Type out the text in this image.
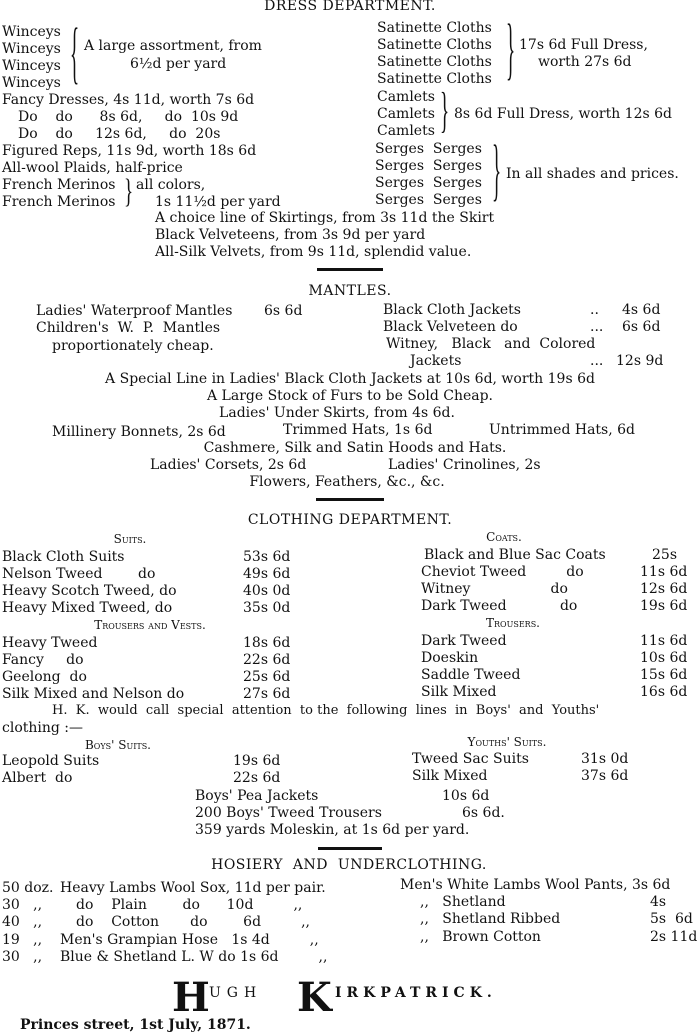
DRESS DEPARTMENT.
Winceys
Winceys
Winceys
Winceys { A large assortment, from
6½d per yard
Satinette Cloths
Satinette Cloths
Satinette Cloths
Satinette Cloths } 17s 6d Full Dress,
worth 27s 6d
Fancy Dresses, 4s 11d, worth 7s 6d
Do    do      8s 6d,     do  10s 9d
Do    do     12s 6d,     do  20s
Camlets
Camlets
Camlets } 8s 6d Full Dress, worth 12s 6d
Figured Reps, 11s 9d, worth 18s 6d
All-wool Plaids, half-price
French Merinos
French Merinos } all colors,
1s 11½d per yard
Serges  Serges
Serges  Serges
Serges  Serges
Serges  Serges } In all shades and prices.
A choice line of Skirtings, from 3s 11d the Skirt
Black Velveteens, from 3s 9d per yard
All-Silk Velvets, from 9s 11d, splendid value.
MANTLES.
Ladies' Waterproof Mantles 6s 6d
Children's  W.  P.  Mantles
proportionately cheap.
Black Cloth Jackets	.. 4s 6d
Black Velveteen do	... 6s 6d
Witney,   Black   and  Colored
Jackets	... 12s 9d
A Special Line in Ladies' Black Cloth Jackets at 10s 6d, worth 19s 6d
A Large Stock of Furs to be Sold Cheap.
Ladies' Under Skirts, from 4s 6d.
Millinery Bonnets, 2s 6d	Trimmed Hats, 1s 6d	Untrimmed Hats, 6d
Cashmere, Silk and Satin Hoods and Hats.
Ladies' Corsets, 2s 6d	Ladies' Crinolines, 2s
Flowers, Feathers, &c., &c.
CLOTHING DEPARTMENT.
Suits.	Coats.
Black Cloth Suits	53s 6d
Nelson Tweed        do	49s 6d
Heavy Scotch Tweed, do	40s 0d
Heavy Mixed Tweed, do	35s 0d
Black and Blue Sac Coats	25s
Cheviot Tweed         do	11s 6d
Witney                  do	12s 6d
Dark Tweed            do	19s 6d
Trousers and Vests.	Trousers.
Heavy Tweed	18s 6d
Fancy     do	22s 6d
Geelong  do	25s 6d
Silk Mixed and Nelson do	27s 6d
Dark Tweed	11s 6d
Doeskin	10s 6d
Saddle Tweed	15s 6d
Silk Mixed	16s 6d
H.  K.  would  call  special  attention  to the  following  lines  in  Boys'  and  Youths'
clothing :—
Boys' Suits.	Youths' Suits.
Leopold Suits	19s 6d
Albert  do	22s 6d
Tweed Sac Suits	31s 0d
Silk Mixed	37s 6d
Boys' Pea Jackets	10s 6d
200 Boys' Tweed Trousers	6s 6d.
359 yards Moleskin, at 1s 6d per yard.
HOSIERY  AND  UNDERCLOTHING.
50 doz. Heavy Lambs Wool Sox, 11d per pair.
30   ,, do    Plain        do      10d         ,,
40   ,, do    Cotton       do        6d         ,,
19   ,, Men's Grampian Hose   1s 4d         ,,
30   ,, Blue & Shetland L. W do 1s 6d         ,,
Men's White Lambs Wool Pants, 3s 6d
,,   Shetland	4s
,,   Shetland Ribbed	5s  6d
,,   Brown Cotton	2s 11d
H UGH K IRKPATRICK.
Princes street, 1st July, 1871.
